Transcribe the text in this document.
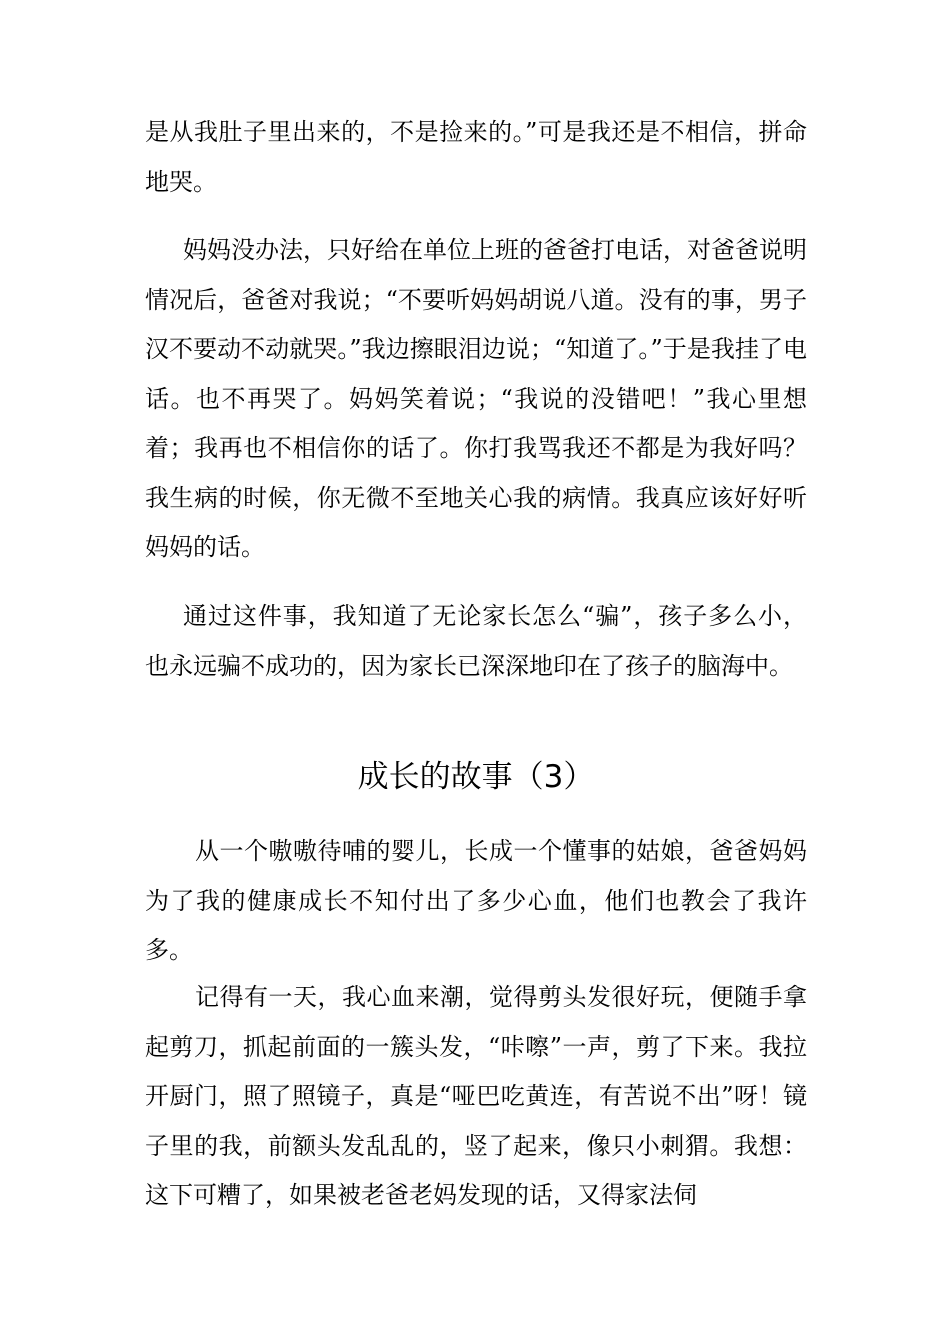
是从我肚子里出来的，不是捡来的。”可是我还是不相信，拼命地哭。

妈妈没办法，只好给在单位上班的爸爸打电话，对爸爸说明情况后，爸爸对我说；“不要听妈妈胡说八道。没有的事，男子汉不要动不动就哭。”我边擦眼泪边说；“知道了。”于是我挂了电话。也不再哭了。妈妈笑着说；“我说的没错吧！”我心里想着；我再也不相信你的话了。你打我骂我还不都是为我好吗？我生病的时候，你无微不至地关心我的病情。我真应该好好听妈妈的话。

通过这件事，我知道了无论家长怎么“骗”，孩子多么小，也永远骗不成功的，因为家长已深深地印在了孩子的脑海中。

成长的故事（3）

从一个嗷嗷待哺的婴儿，长成一个懂事的姑娘，爸爸妈妈为了我的健康成长不知付出了多少心血，他们也教会了我许多。

记得有一天，我心血来潮，觉得剪头发很好玩，便随手拿起剪刀，抓起前面的一簇头发，“咔嚓”一声，剪了下来。我拉开厨门，照了照镜子，真是“哑巴吃黄连，有苦说不出”呀！镜子里的我，前额头发乱乱的，竖了起来，像只小刺猬。我想：这下可糟了，如果被老爸老妈发现的话，又得家法伺
